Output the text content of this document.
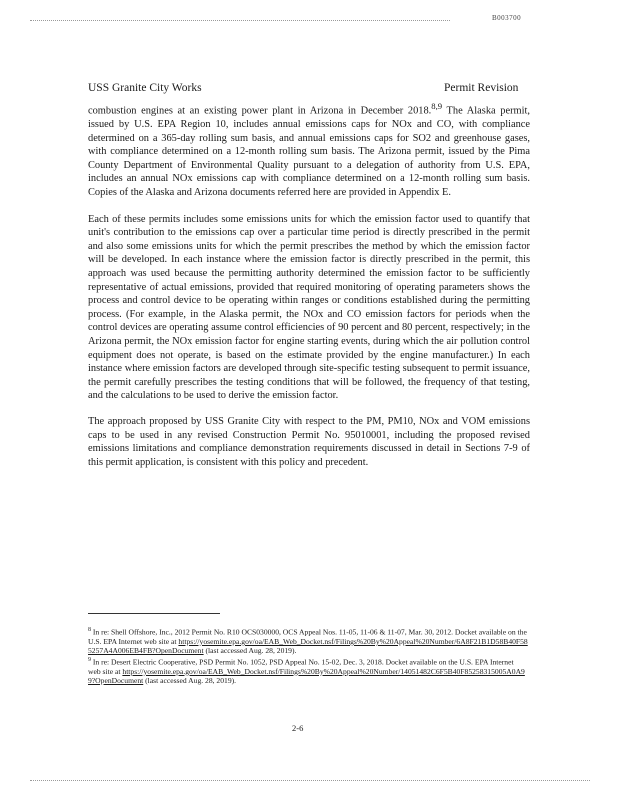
B003700
USS Granite City Works	Permit Revision

combustion engines at an existing power plant in Arizona in December 2018.$^{8,9}$ The Alaska permit, issued by U.S. EPA Region 10, includes annual emissions caps for NOx and CO, with compliance determined on a 365-day rolling sum basis, and annual emissions caps for SO2 and greenhouse gases, with compliance determined on a 12-month rolling sum basis. The Arizona permit, issued by the Pima County Department of Environmental Quality pursuant to a delegation of authority from U.S. EPA, includes an annual NOx emissions cap with compliance determined on a 12-month rolling sum basis. Copies of the Alaska and Arizona documents referred here are provided in Appendix E.

Each of these permits includes some emissions units for which the emission factor used to quantify that unit's contribution to the emissions cap over a particular time period is directly prescribed in the permit and also some emissions units for which the permit prescribes the method by which the emission factor will be developed. In each instance where the emission factor is directly prescribed in the permit, this approach was used because the permitting authority determined the emission factor to be sufficiently representative of actual emissions, provided that required monitoring of operating parameters shows the process and control device to be operating within ranges or conditions established during the permitting process. (For example, in the Alaska permit, the NOx and CO emission factors for periods when the control devices are operating assume control efficiencies of 90 percent and 80 percent, respectively; in the Arizona permit, the NOx emission factor for engine starting events, during which the air pollution control equipment does not operate, is based on the estimate provided by the engine manufacturer.) In each instance where emission factors are developed through site-specific testing subsequent to permit issuance, the permit carefully prescribes the testing conditions that will be followed, the frequency of that testing, and the calculations to be used to derive the emission factor.

The approach proposed by USS Granite City with respect to the PM, PM10, NOx and VOM emissions caps to be used in any revised Construction Permit No. 95010001, including the proposed revised emissions limitations and compliance demonstration requirements discussed in detail in Sections 7-9 of this permit application, is consistent with this policy and precedent.

$^8$ In re: Shell Offshore, Inc., 2012 Permit No. R10 OCS030000, OCS Appeal Nos. 11-05, 11-06 & 11-07, Mar. 30, 2012. Docket available on the U.S. EPA Internet web site at https://yosemite.epa.gov/oa/EAB_Web_Docket.nsf/Filings%20By%20Appeal%20Number/6A8F21B1D58B40F585257A4A006EB4FB?OpenDocument (last accessed Aug. 28, 2019).

$^9$ In re: Desert Electric Cooperative, PSD Permit No. 1052, PSD Appeal No. 15-02, Dec. 3, 2018. Docket available on the U.S. EPA Internet web site at https://yosemite.epa.gov/oa/EAB_Web_Docket.nsf/Filings%20By%20Appeal%20Number/14051482C6F5B40F85258315005A0A99?OpenDocument (last accessed Aug. 28, 2019).

2-6
